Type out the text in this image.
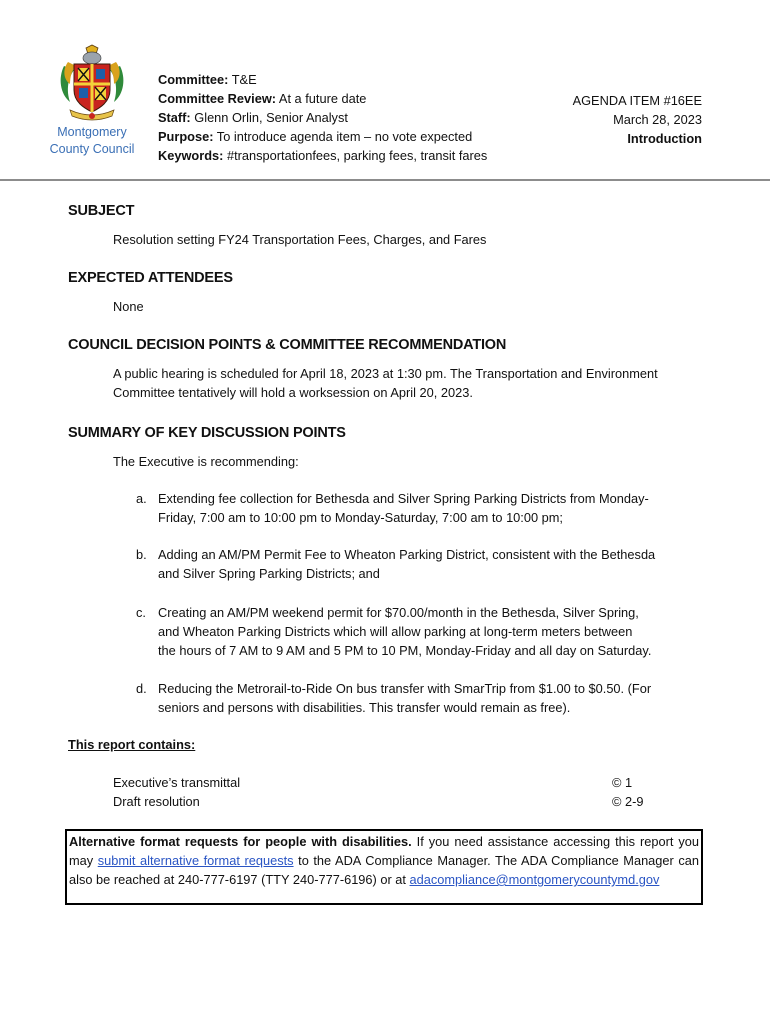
Montgomery
County Council
Committee: T&E
Committee Review: At a future date
Staff: Glenn Orlin, Senior Analyst
Purpose: To introduce agenda item – no vote expected
Keywords: #transportationfees, parking fees, transit fares
AGENDA ITEM #16EE
March 28, 2023
Introduction
SUBJECT
Resolution setting FY24 Transportation Fees, Charges, and Fares
EXPECTED ATTENDEES
None
COUNCIL DECISION POINTS & COMMITTEE RECOMMENDATION
A public hearing is scheduled for April 18, 2023 at 1:30 pm. The Transportation and Environment
Committee tentatively will hold a worksession on April 20, 2023.
SUMMARY OF KEY DISCUSSION POINTS
The Executive is recommending:
a. Extending fee collection for Bethesda and Silver Spring Parking Districts from Monday-
Friday, 7:00 am to 10:00 pm to Monday-Saturday, 7:00 am to 10:00 pm;
b. Adding an AM/PM Permit Fee to Wheaton Parking District, consistent with the Bethesda
and Silver Spring Parking Districts; and
c. Creating an AM/PM weekend permit for $70.00/month in the Bethesda, Silver Spring,
and Wheaton Parking Districts which will allow parking at long-term meters between
the hours of 7 AM to 9 AM and 5 PM to 10 PM, Monday-Friday and all day on Saturday.
d. Reducing the Metrorail-to-Ride On bus transfer with SmarTrip from $1.00 to $0.50. (For
seniors and persons with disabilities. This transfer would remain as free).
This report contains:
Executive’s transmittal	© 1
Draft resolution	© 2-9
Alternative format requests for people with disabilities. If you need assistance accessing this report you may submit alternative format requests to the ADA Compliance Manager. The ADA Compliance Manager can also be reached at 240-777-6197 (TTY 240-777-6196) or at adacompliance@montgomerycountymd.gov
